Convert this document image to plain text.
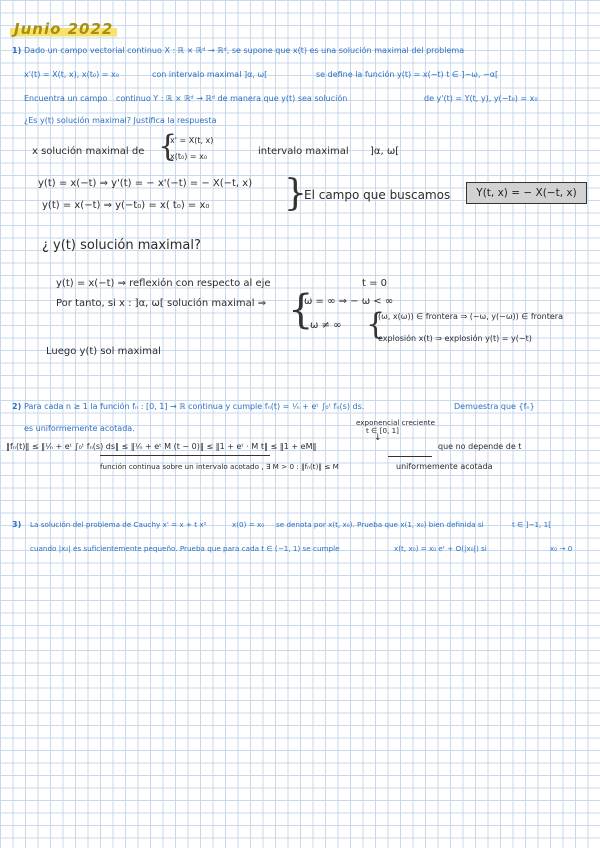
Junio 2022
1) Dado un campo vectorial continuo X : ℝ × ℝᵈ → ℝᵈ, se supone que x(t) es una solución maximal del problema
x'(t) = X(t, x), x(t₀) = x₀	con intervalo maximal ]α, ω[	se define la función y(t) = x(−t) t ∈ ]−ω, −α[
Encuentra un campo continuo Y : ℝ × ℝᵈ → ℝᵈ de manera que y(t) sea solución	de y'(t) = Y(t, y), y(−t₀) = x₀
¿Es y(t) solución maximal? Justifica la respuesta
x solución maximal de {
x' = X(t, x)
x(t₀) = x₀	intervalo maximal ]α, ω[
y(t) = x(−t) ⇒ y'(t) = − x'(−t) = − X(−t, x)
y(t) = x(−t) ⇒ y(−t₀) = x( t₀) = x₀ }
El campo que buscamos	Y(t, x) = − X(−t, x)
¿ y(t) solución maximal?
y(t) = x(−t) ⇒ reflexión con respecto al eje	t = 0
Por tanto, si x : ]α, ω[ solución maximal ⇒ {
ω = ∞ ⇒ − ω < ∞
ω ≠ ∞ {
(ω, x(ω)) ∈ frontera ⇒ (−ω, y(−ω)) ∈ frontera
explosión x(t) ⇒ explosión y(t) = y(−t)
Luego y(t) sol maximal
2) Para cada n ≥ 1 la función fₙ : [0, 1] → ℝ continua y cumple fₙ(t) = ¹⁄ₙ + eᵗ ∫₀ᵗ fₙ(s) ds.	Demuestra que {fₙ}
es uniformemente acotada.
exponencial creciente
t ∈ [0, 1]
↓
‖fₙ(t)‖ ≤ ‖¹⁄ₙ + eᵗ ∫₀ᵗ fₙ(s) ds‖ ≤ ‖¹⁄ₙ + eᵗ M (t − 0)‖ ≤ ‖1 + eᵗ · M t‖ ≤ ‖1 + eM‖	que no depende de t
función continua sobre un intervalo acotado , ∃ M > 0 : ‖fₙ(t)‖ ≤ M	uniformemente acotada
3) La solución del problema de Cauchy x' = x + t x²	x(0) = x₀ se denota por x(t, x₀). Prueba que x(1, x₀) bien definida si	t ∈ ]−1, 1[
cuando |x₀| es suficientemente pequeño. Prueba que para cada t ∈ (−1, 1) se cumple	x(t, x₀) = x₀ eᵗ + O(|x₀|) si	x₀ → 0
